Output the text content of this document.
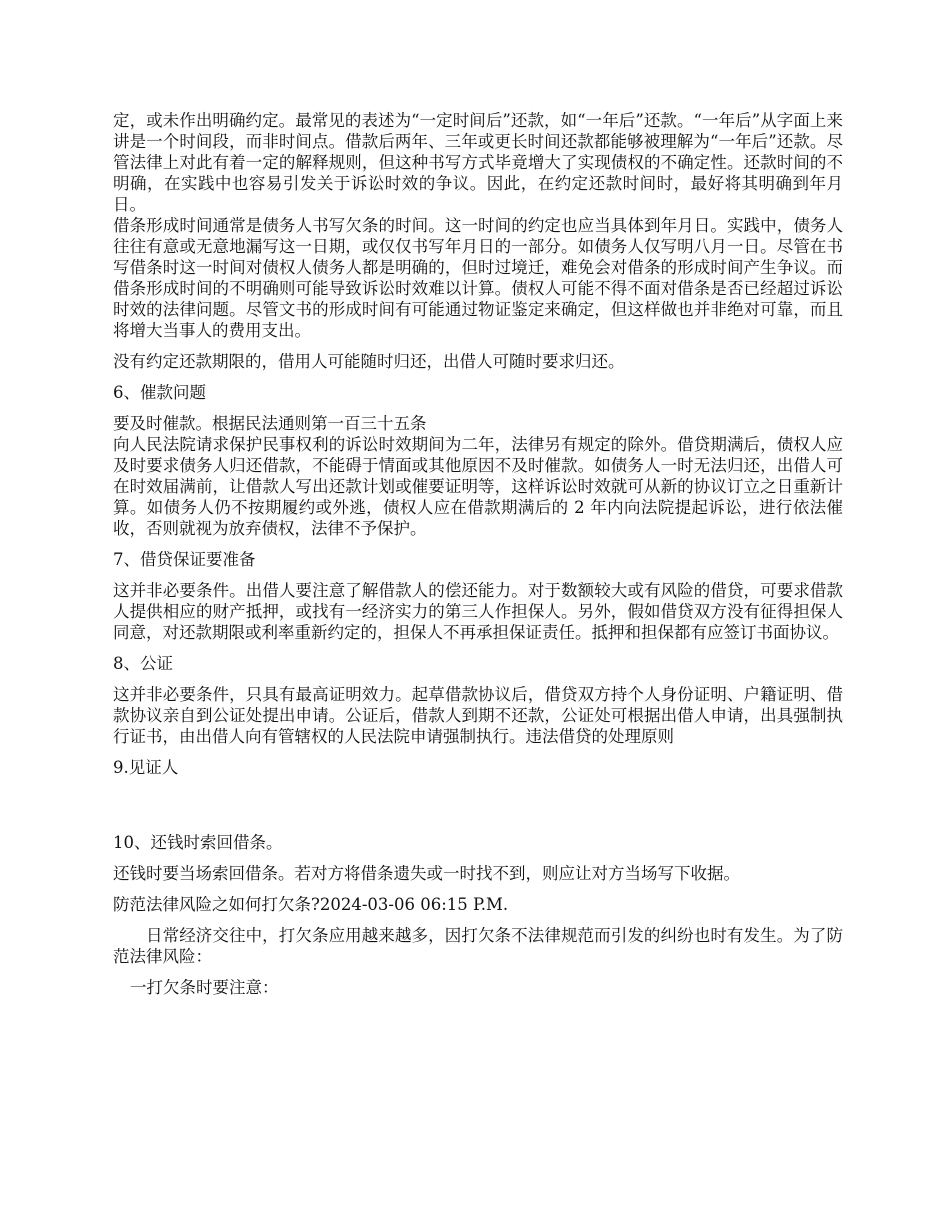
定，或未作出明确约定。最常见的表述为“一定时间后”还款，如“一年后”还款。“一年后”从字面上来讲是一个时间段，而非时间点。借款后两年、三年或更长时间还款都能够被理解为“一年后”还款。尽管法律上对此有着一定的解释规则，但这种书写方式毕竟增大了实现债权的不确定性。还款时间的不明确，在实践中也容易引发关于诉讼时效的争议。因此，在约定还款时间时，最好将其明确到年月日。

借条形成时间通常是债务人书写欠条的时间。这一时间的约定也应当具体到年月日。实践中，债务人往往有意或无意地漏写这一日期，或仅仅书写年月日的一部分。如债务人仅写明八月一日。尽管在书写借条时这一时间对债权人债务人都是明确的，但时过境迁，难免会对借条的形成时间产生争议。而借条形成时间的不明确则可能导致诉讼时效难以计算。债权人可能不得不面对借条是否已经超过诉讼时效的法律问题。尽管文书的形成时间有可能通过物证鉴定来确定，但这样做也并非绝对可靠，而且将增大当事人的费用支出。

没有约定还款期限的，借用人可能随时归还，出借人可随时要求归还。

6、催款问题

要及时催款。根据民法通则第一百三十五条

向人民法院请求保护民事权利的诉讼时效期间为二年，法律另有规定的除外。借贷期满后，债权人应及时要求债务人归还借款，不能碍于情面或其他原因不及时催款。如债务人一时无法归还，出借人可在时效届满前，让借款人写出还款计划或催要证明等，这样诉讼时效就可从新的协议订立之日重新计算。如债务人仍不按期履约或外逃，债权人应在借款期满后的 2 年内向法院提起诉讼，进行依法催收，否则就视为放弃债权，法律不予保护。

7、借贷保证要准备

这并非必要条件。出借人要注意了解借款人的偿还能力。对于数额较大或有风险的借贷，可要求借款人提供相应的财产抵押，或找有一经济实力的第三人作担保人。另外，假如借贷双方没有征得担保人同意，对还款期限或利率重新约定的，担保人不再承担保证责任。抵押和担保都有应签订书面协议。

8、公证

这并非必要条件，只具有最高证明效力。起草借款协议后，借贷双方持个人身份证明、户籍证明、借款协议亲自到公证处提出申请。公证后，借款人到期不还款，公证处可根据出借人申请，出具强制执行证书，由出借人向有管辖权的人民法院申请强制执行。违法借贷的处理原则

9.见证人

10、还钱时索回借条。

还钱时要当场索回借条。若对方将借条遗失或一时找不到，则应让对方当场写下收据。

防范法律风险之如何打欠条?2024-03-06 06:15 P.M.

日常经济交往中，打欠条应用越来越多，因打欠条不法律规范而引发的纠纷也时有发生。为了防范法律风险：

一打欠条时要注意：
